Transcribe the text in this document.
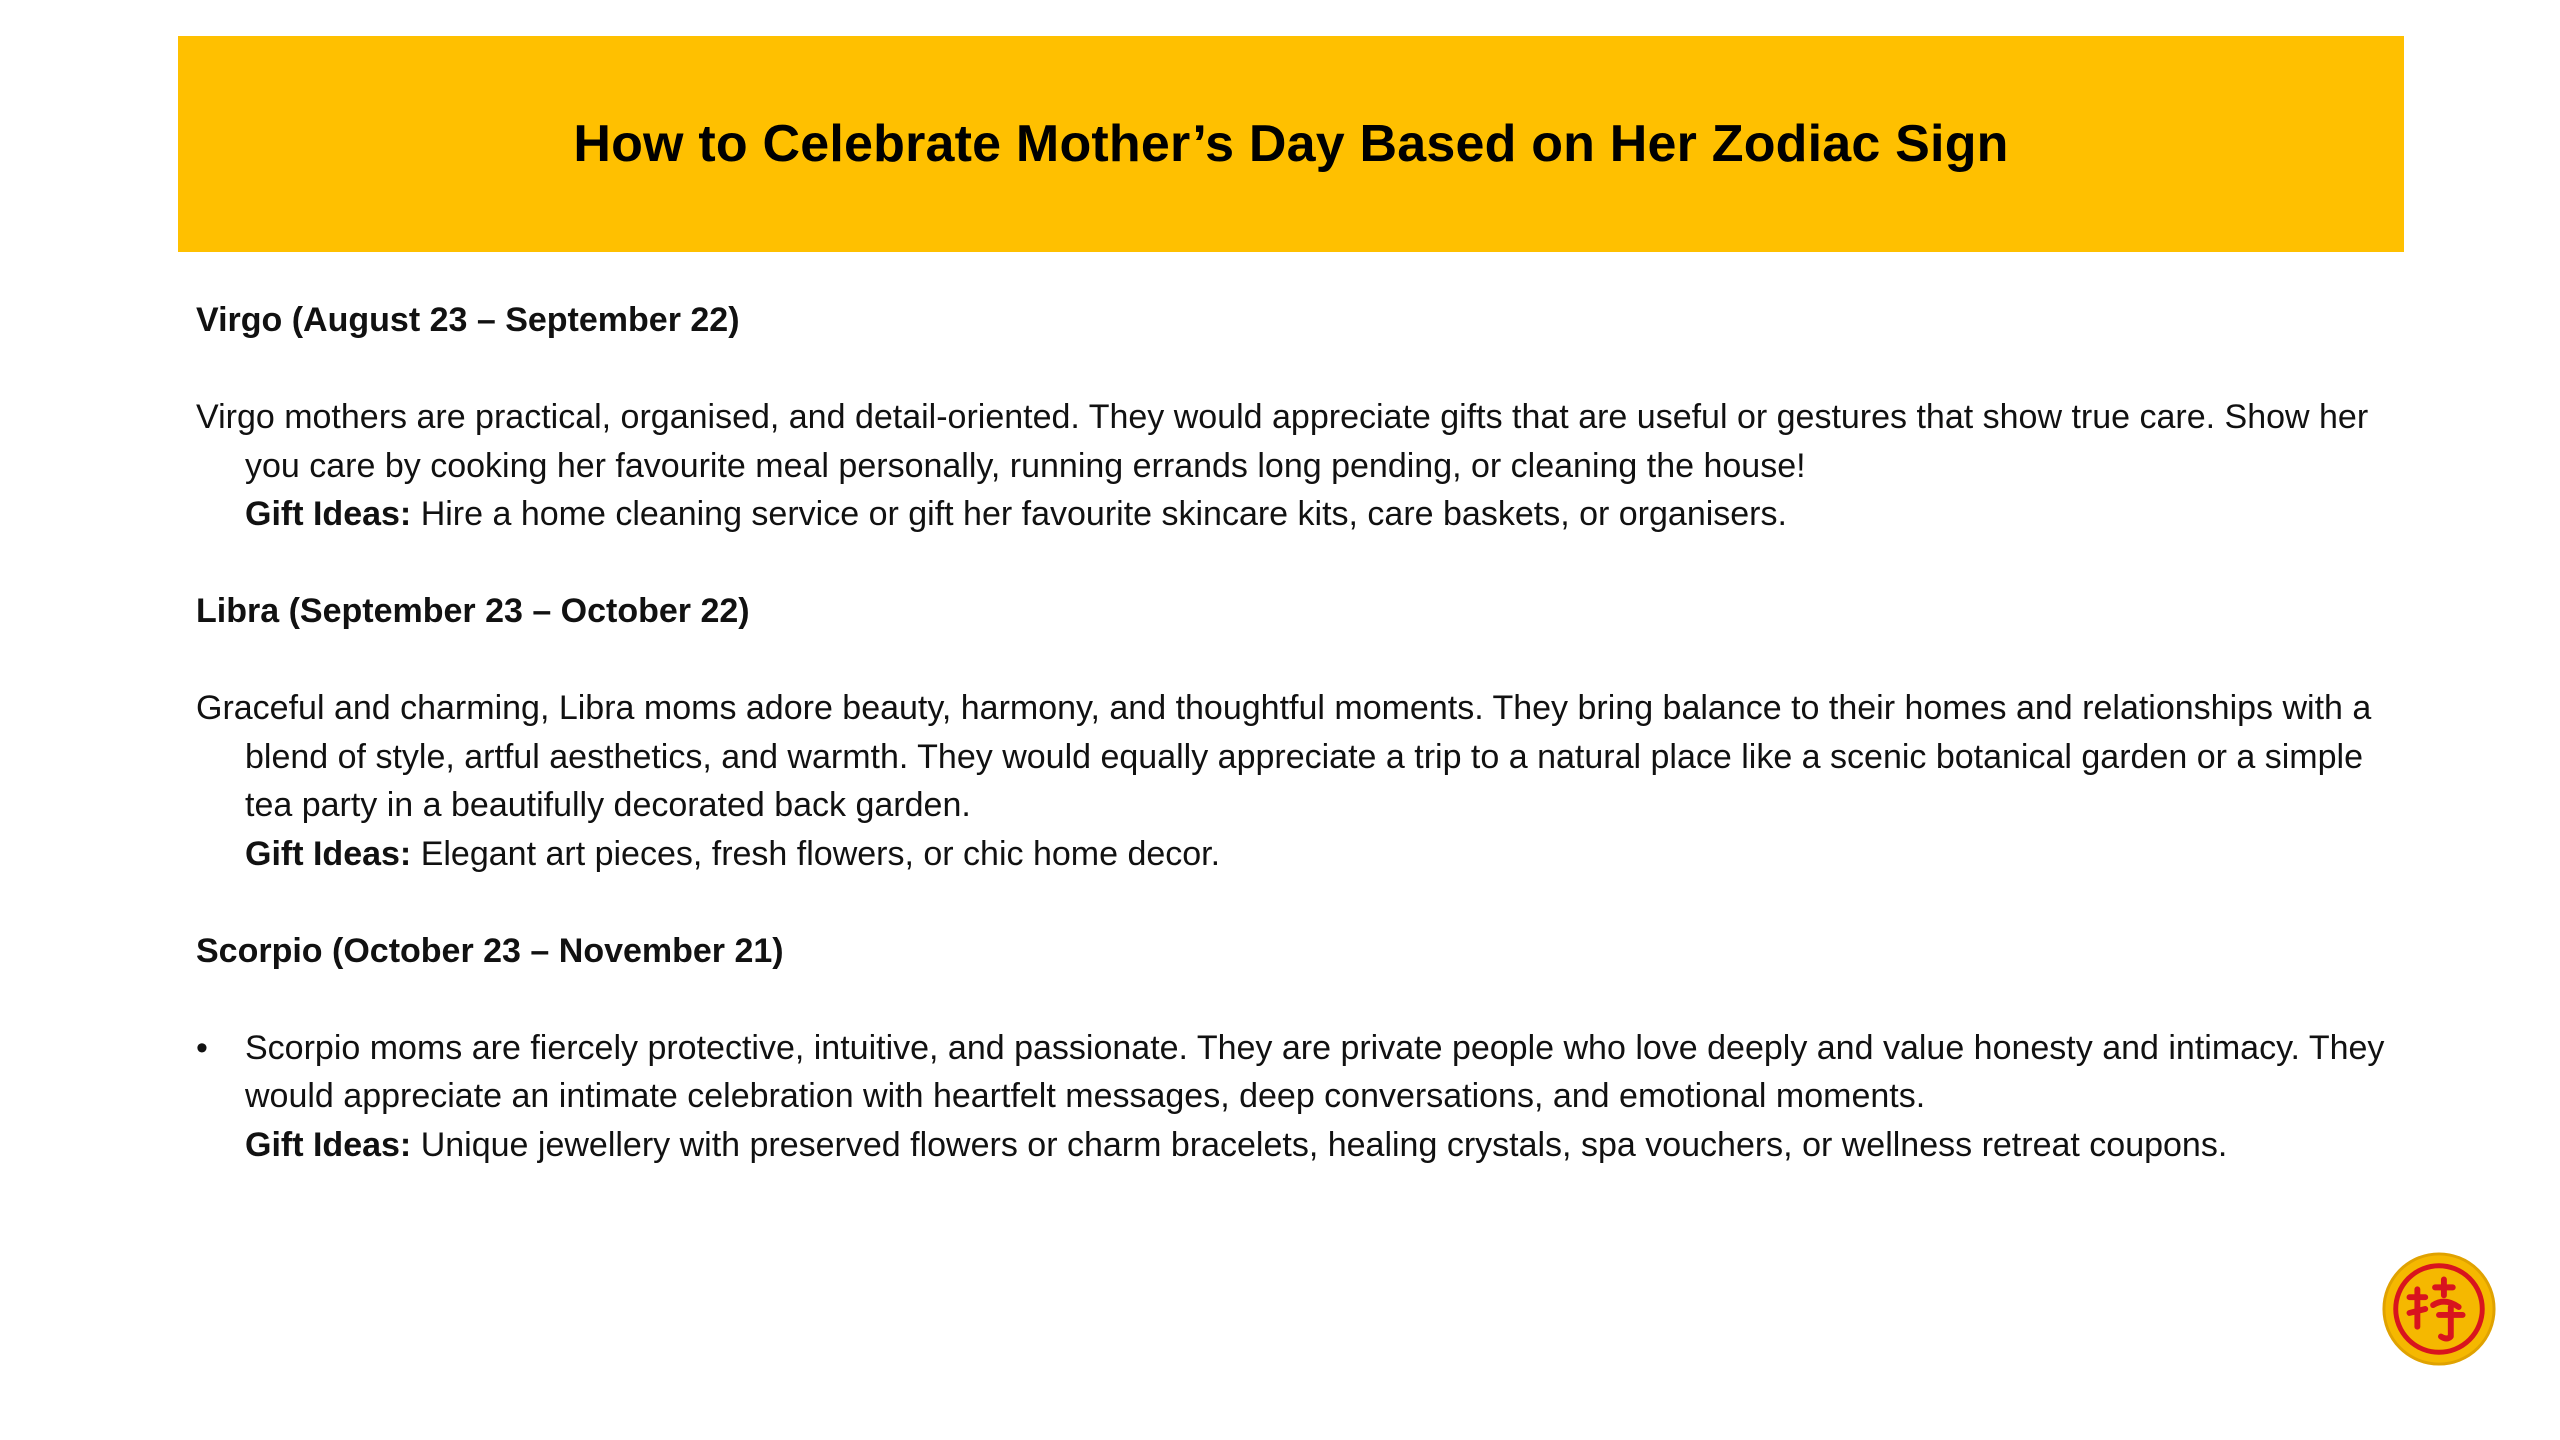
How to Celebrate Mother’s Day Based on Her Zodiac Sign

Virgo (August 23 – September 22)

Virgo mothers are practical, organised, and detail-oriented. They would appreciate gifts that are useful or gestures that show true care. Show her you care by cooking her favourite meal personally, running errands long pending, or cleaning the house!

Gift Ideas: Hire a home cleaning service or gift her favourite skincare kits, care baskets, or organisers.

Libra (September 23 – October 22)

Graceful and charming, Libra moms adore beauty, harmony, and thoughtful moments. They bring balance to their homes and relationships with a blend of style, artful aesthetics, and warmth. They would equally appreciate a trip to a natural place like a scenic botanical garden or a simple tea party in a beautifully decorated back garden.

Gift Ideas: Elegant art pieces, fresh flowers, or chic home decor.

Scorpio (October 23 – November 21)

•	Scorpio moms are fiercely protective, intuitive, and passionate. They are private people who love deeply and value honesty and intimacy. They would appreciate an intimate celebration with heartfelt messages, deep conversations, and emotional moments.

Gift Ideas: Unique jewellery with preserved flowers or charm bracelets, healing crystals, spa vouchers, or wellness retreat coupons.
